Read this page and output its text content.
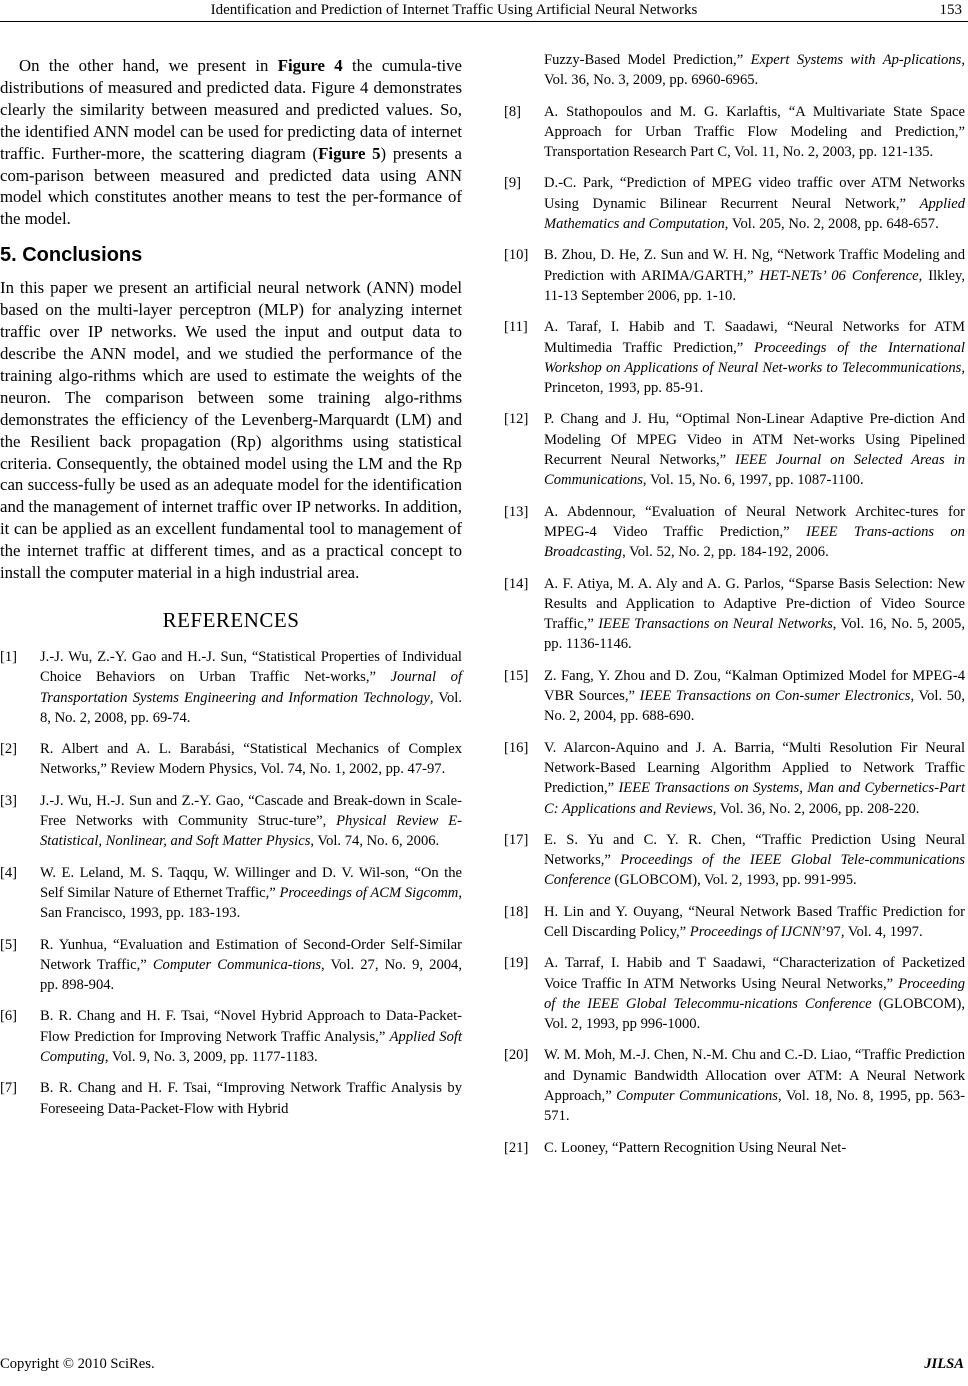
Identification and Prediction of Internet Traffic Using Artificial Neural Networks	153

On the other hand, we present in Figure 4 the cumula-tive distributions of measured and predicted data. Figure 4 demonstrates clearly the similarity between measured and predicted values. So, the identified ANN model can be used for predicting data of internet traffic. Further-more, the scattering diagram (Figure 5) presents a com-parison between measured and predicted data using ANN model which constitutes another means to test the per-formance of the model.

5. Conclusions

In this paper we present an artificial neural network (ANN) model based on the multi-layer perceptron (MLP) for analyzing internet traffic over IP networks. We used the input and output data to describe the ANN model, and we studied the performance of the training algo-rithms which are used to estimate the weights of the neuron. The comparison between some training algo-rithms demonstrates the efficiency of the Levenberg-Marquardt (LM) and the Resilient back propagation (Rp) algorithms using statistical criteria. Consequently, the obtained model using the LM and the Rp can success-fully be used as an adequate model for the identification and the management of internet traffic over IP networks. In addition, it can be applied as an excellent fundamental tool to management of the internet traffic at different times, and as a practical concept to install the computer material in a high industrial area.

REFERENCES
[1] J.-J. Wu, Z.-Y. Gao and H.-J. Sun, “Statistical Properties of Individual Choice Behaviors on Urban Traffic Net-works,” Journal of Transportation Systems Engineering and Information Technology, Vol. 8, No. 2, 2008, pp. 69-74.
[2] R. Albert and A. L. Barabási, “Statistical Mechanics of Complex Networks,” Review Modern Physics, Vol. 74, No. 1, 2002, pp. 47-97.
[3] J.-J. Wu, H.-J. Sun and Z.-Y. Gao, “Cascade and Break-down in Scale-Free Networks with Community Struc-ture”, Physical Review E-Statistical, Nonlinear, and Soft Matter Physics, Vol. 74, No. 6, 2006.
[4] W. E. Leland, M. S. Taqqu, W. Willinger and D. V. Wil-son, “On the Self Similar Nature of Ethernet Traffic,” Proceedings of ACM Sigcomm, San Francisco, 1993, pp. 183-193.
[5] R. Yunhua, “Evaluation and Estimation of Second-Order Self-Similar Network Traffic,” Computer Communica-tions, Vol. 27, No. 9, 2004, pp. 898-904.
[6] B. R. Chang and H. F. Tsai, “Novel Hybrid Approach to Data-Packet-Flow Prediction for Improving Network Traffic Analysis,” Applied Soft Computing, Vol. 9, No. 3, 2009, pp. 1177-1183.
[7] B. R. Chang and H. F. Tsai, “Improving Network Traffic Analysis by Foreseeing Data-Packet-Flow with Hybrid
Fuzzy-Based Model Prediction,” Expert Systems with Ap-plications, Vol. 36, No. 3, 2009, pp. 6960-6965.
[8] A. Stathopoulos and M. G. Karlaftis, “A Multivariate State Space Approach for Urban Traffic Flow Modeling and Prediction,” Transportation Research Part C, Vol. 11, No. 2, 2003, pp. 121-135.
[9] D.-C. Park, “Prediction of MPEG video traffic over ATM Networks Using Dynamic Bilinear Recurrent Neural Network,” Applied Mathematics and Computation, Vol. 205, No. 2, 2008, pp. 648-657.
[10] B. Zhou, D. He, Z. Sun and W. H. Ng, “Network Traffic Modeling and Prediction with ARIMA/GARTH,” HET-NETs’ 06 Conference, Ilkley, 11-13 September 2006, pp. 1-10.
[11] A. Taraf, I. Habib and T. Saadawi, “Neural Networks for ATM Multimedia Traffic Prediction,” Proceedings of the International Workshop on Applications of Neural Net-works to Telecommunications, Princeton, 1993, pp. 85-91.
[12] P. Chang and J. Hu, “Optimal Non-Linear Adaptive Pre-diction And Modeling Of MPEG Video in ATM Net-works Using Pipelined Recurrent Neural Networks,” IEEE Journal on Selected Areas in Communications, Vol. 15, No. 6, 1997, pp. 1087-1100.
[13] A. Abdennour, “Evaluation of Neural Network Architec-tures for MPEG-4 Video Traffic Prediction,” IEEE Trans-actions on Broadcasting, Vol. 52, No. 2, pp. 184-192, 2006.
[14] A. F. Atiya, M. A. Aly and A. G. Parlos, “Sparse Basis Selection: New Results and Application to Adaptive Pre-diction of Video Source Traffic,” IEEE Transactions on Neural Networks, Vol. 16, No. 5, 2005, pp. 1136-1146.
[15] Z. Fang, Y. Zhou and D. Zou, “Kalman Optimized Model for MPEG-4 VBR Sources,” IEEE Transactions on Con-sumer Electronics, Vol. 50, No. 2, 2004, pp. 688-690.
[16] V. Alarcon-Aquino and J. A. Barria, “Multi Resolution Fir Neural Network-Based Learning Algorithm Applied to Network Traffic Prediction,” IEEE Transactions on Systems, Man and Cybernetics-Part C: Applications and Reviews, Vol. 36, No. 2, 2006, pp. 208-220.
[17] E. S. Yu and C. Y. R. Chen, “Traffic Prediction Using Neural Networks,” Proceedings of the IEEE Global Tele-communications Conference (GLOBCOM), Vol. 2, 1993, pp. 991-995.
[18] H. Lin and Y. Ouyang, “Neural Network Based Traffic Prediction for Cell Discarding Policy,” Proceedings of IJCNN’97, Vol. 4, 1997.
[19] A. Tarraf, I. Habib and T Saadawi, “Characterization of Packetized Voice Traffic In ATM Networks Using Neural Networks,” Proceeding of the IEEE Global Telecommu-nications Conference (GLOBCOM), Vol. 2, 1993, pp 996-1000.
[20] W. M. Moh, M.-J. Chen, N.-M. Chu and C.-D. Liao, “Traffic Prediction and Dynamic Bandwidth Allocation over ATM: A Neural Network Approach,” Computer Communications, Vol. 18, No. 8, 1995, pp. 563-571.
[21] C. Looney, “Pattern Recognition Using Neural Net-
Copyright © 2010 SciRes.	JILSA
